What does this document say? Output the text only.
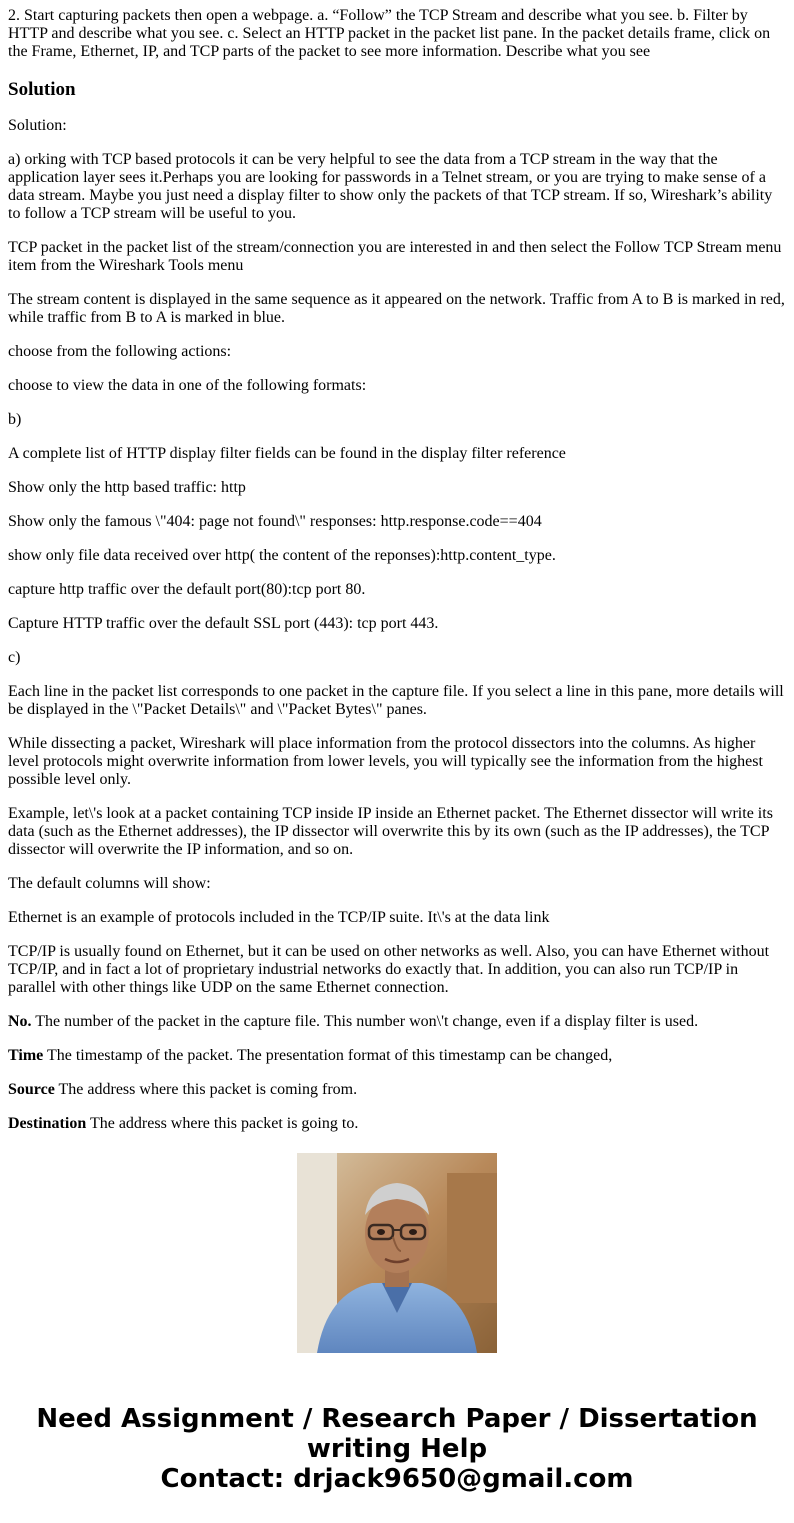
2. Start capturing packets then open a webpage. a. “Follow” the TCP Stream and describe what you see. b. Filter by HTTP and describe what you see. c. Select an HTTP packet in the packet list pane. In the packet details frame, click on the Frame, Ethernet, IP, and TCP parts of the packet to see more information. Describe what you see

Solution

Solution:

a) orking with TCP based protocols it can be very helpful to see the data from a TCP stream in the way that the application layer sees it.Perhaps you are looking for passwords in a Telnet stream, or you are trying to make sense of a data stream. Maybe you just need a display filter to show only the packets of that TCP stream. If so, Wireshark’s ability to follow a TCP stream will be useful to you.

TCP packet in the packet list of the stream/connection you are interested in and then select the Follow TCP Stream menu item from the Wireshark Tools menu

The stream content is displayed in the same sequence as it appeared on the network. Traffic from A to B is marked in red, while traffic from B to A is marked in blue.

choose from the following actions:

choose to view the data in one of the following formats:

b)

A complete list of HTTP display filter fields can be found in the display filter reference

Show only the http based traffic: http

Show only the famous \"404: page not found\" responses: http.response.code==404

show only file data received over http( the content of the reponses):http.content_type.

capture http traffic over the default port(80):tcp port 80.

Capture HTTP traffic over the default SSL port (443): tcp port 443.

c)

Each line in the packet list corresponds to one packet in the capture file. If you select a line in this pane, more details will be displayed in the \"Packet Details\" and \"Packet Bytes\" panes.

While dissecting a packet, Wireshark will place information from the protocol dissectors into the columns. As higher level protocols might overwrite information from lower levels, you will typically see the information from the highest possible level only.

Example, let\'s look at a packet containing TCP inside IP inside an Ethernet packet. The Ethernet dissector will write its data (such as the Ethernet addresses), the IP dissector will overwrite this by its own (such as the IP addresses), the TCP dissector will overwrite the IP information, and so on.

The default columns will show:

Ethernet is an example of protocols included in the TCP/IP suite. It\'s at the data link

TCP/IP is usually found on Ethernet, but it can be used on other networks as well. Also, you can have Ethernet without TCP/IP, and in fact a lot of proprietary industrial networks do exactly that. In addition, you can also run TCP/IP in parallel with other things like UDP on the same Ethernet connection.

No. The number of the packet in the capture file. This number won\'t change, even if a display filter is used.

Time The timestamp of the packet. The presentation format of this timestamp can be changed,

Source The address where this packet is coming from.

Destination The address where this packet is going to.

Need Assignment / Research Paper / Dissertation
writing Help
Contact: drjack9650@gmail.com
